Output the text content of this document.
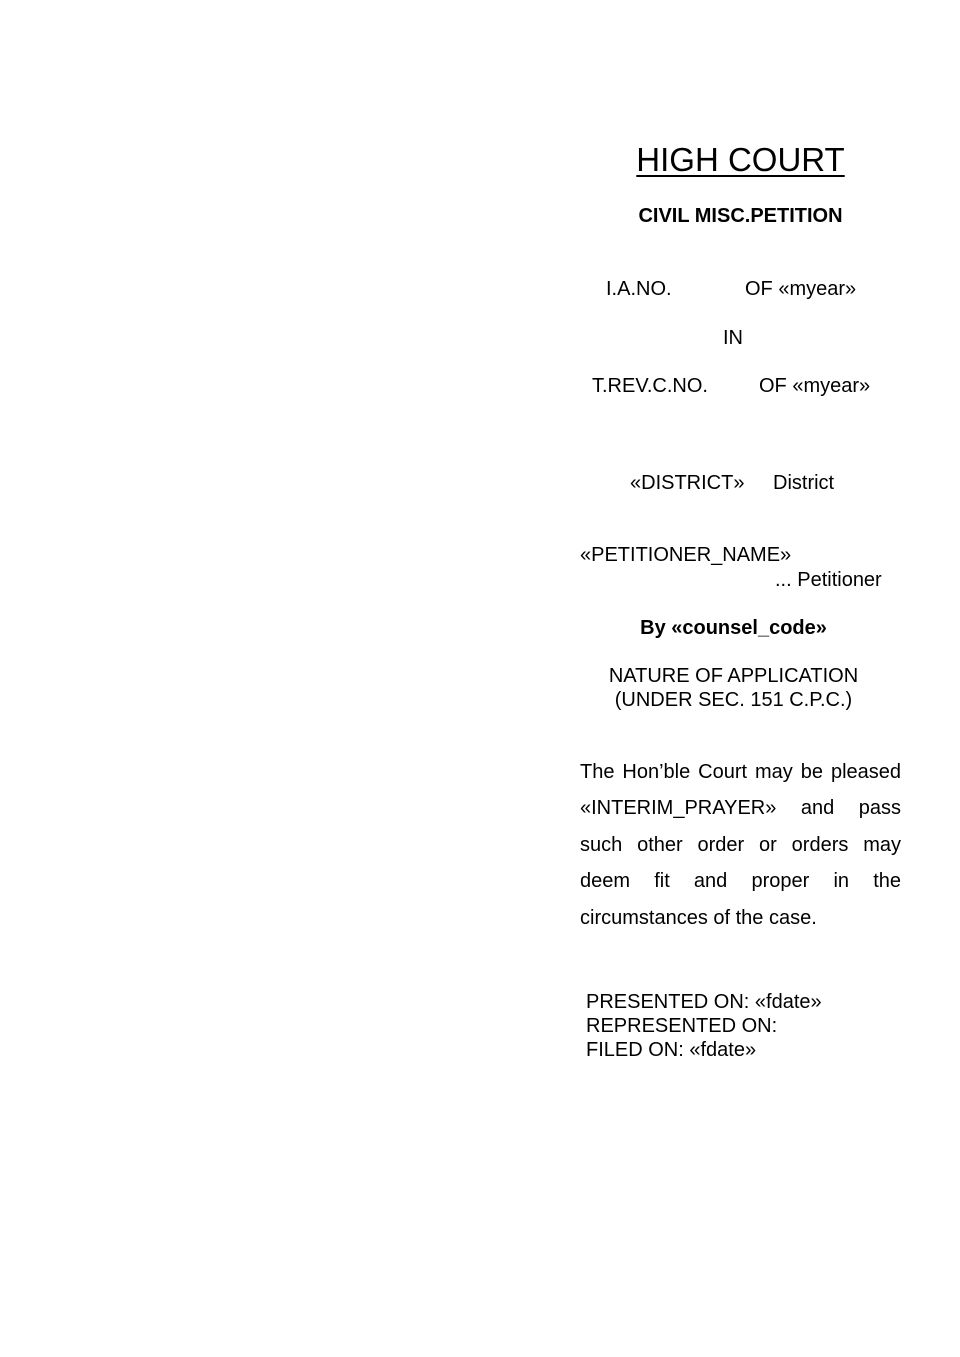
HIGH COURT
CIVIL MISC.PETITION
I.A.NO.	OF «myear»
IN
T.REV.C.NO.	OF «myear»
«DISTRICT» District
«PETITIONER_NAME»
... Petitioner
By «counsel_code»
NATURE OF APPLICATION
(UNDER SEC. 151 C.P.C.)
The Hon’ble Court may be pleased «INTERIM_PRAYER» and pass such other order or orders may deem fit and proper in the circumstances of the case.
PRESENTED ON: «fdate»
REPRESENTED ON:
FILED ON: «fdate»
